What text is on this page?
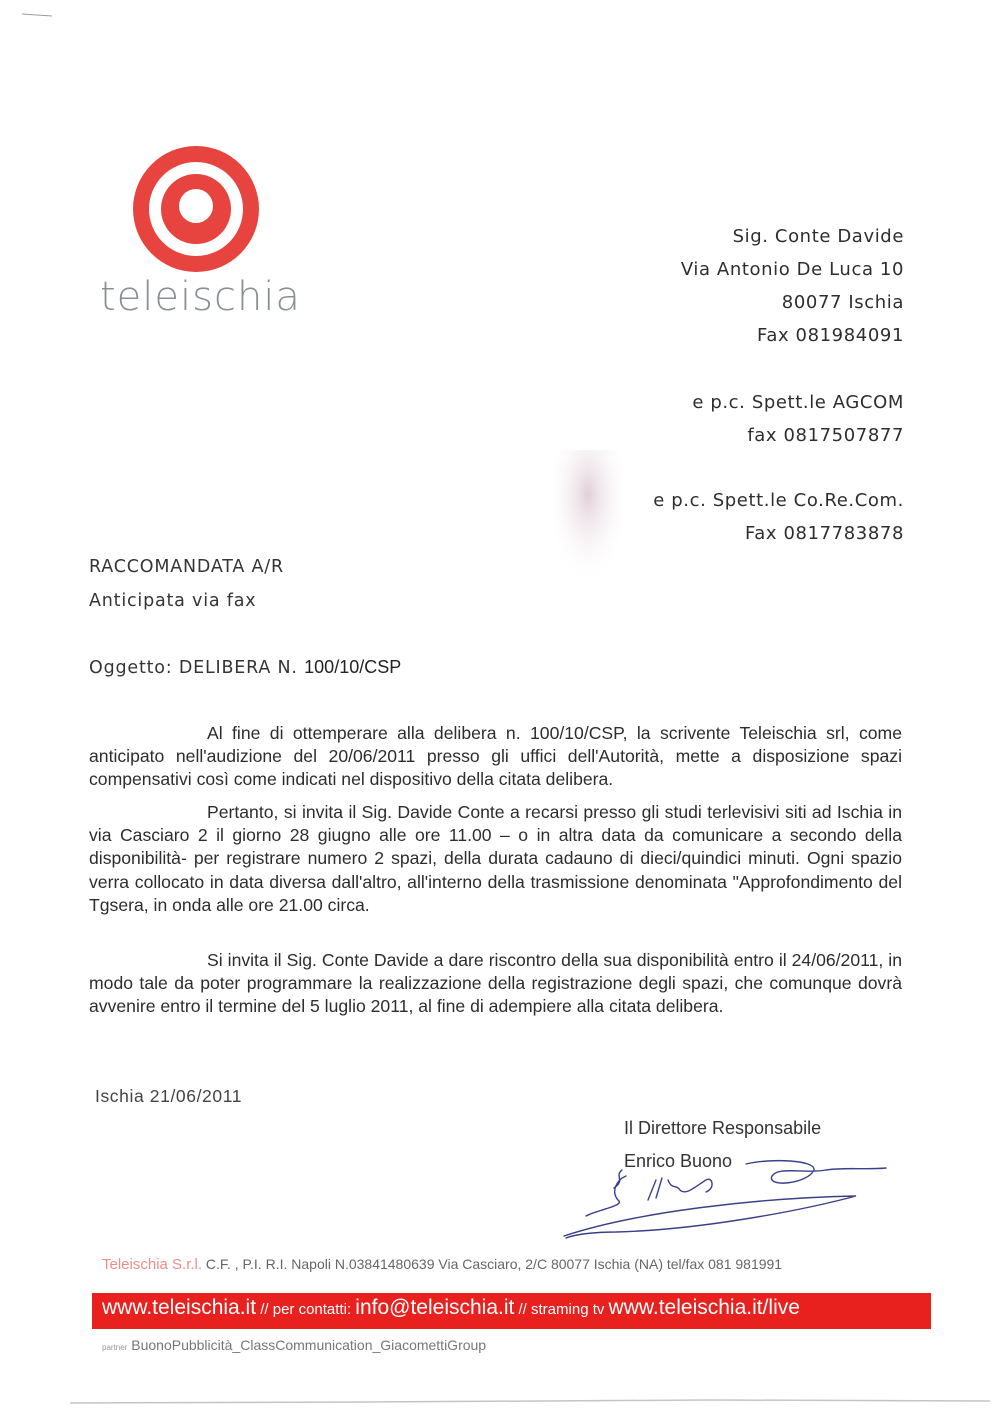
teleischia
Sig. Conte Davide
Via Antonio De Luca 10
80077 Ischia
Fax 081984091
e p.c. Spett.le AGCOM
fax 0817507877
e p.c. Spett.le Co.Re.Com.
Fax 0817783878
RACCOMANDATA A/R
Anticipata via fax
Oggetto: DELIBERA N. 100/10/CSP
Al fine di ottemperare alla delibera n. 100/10/CSP, la scrivente Teleischia srl, come anticipato nell'audizione del 20/06/2011 presso gli uffici dell'Autorità, mette a disposizione spazi compensativi così come indicati nel dispositivo della citata delibera.
Pertanto, si invita il Sig. Davide Conte a recarsi presso gli studi terlevisivi siti ad Ischia in via Casciaro 2 il giorno 28 giugno alle ore 11.00 – o in altra data da comunicare a secondo della disponibilità- per registrare numero 2 spazi, della durata cadauno di dieci/quindici minuti. Ogni spazio verra collocato in data diversa dall'altro, all'interno della trasmissione denominata "Approfondimento del Tgsera, in onda alle ore 21.00 circa.
Si invita il Sig. Conte Davide a dare riscontro della sua disponibilità entro il 24/06/2011, in modo tale da poter programmare la realizzazione della registrazione degli spazi, che comunque dovrà avvenire entro il termine del 5 luglio 2011, al fine di adempiere alla citata delibera.
Ischia 21/06/2011
Il Direttore Responsabile
Enrico Buono
Teleischia S.r.l. C.F. , P.I. R.I. Napoli N.03841480639 Via Casciaro, 2/C 80077 Ischia (NA) tel/fax 081 981991
www.teleischia.it // per contatti: info@teleischia.it // straming tv www.teleischia.it/live
partner BuonoPubblicità_ClassCommunication_GiacomettiGroup
